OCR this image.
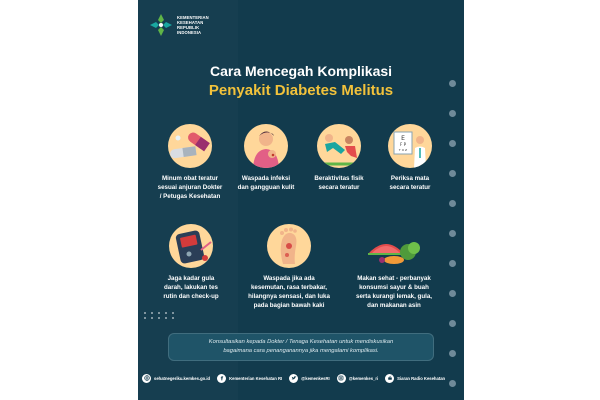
KEMENTERIAN
KESEHATAN
REPUBLIK
INDONESIA
Cara Mencegah Komplikasi
Penyakit Diabetes Melitus
Minum obat teratur
sesuai anjuran Dokter
/ Petugas Kesehatan
Waspada infeksi
dan gangguan kulit
Beraktivitas fisik
secara teratur
E
F P
T O Z
Periksa mata
secara teratur
Jaga kadar gula
darah, lakukan tes
rutin dan check-up
Waspada jika ada
kesemutan, rasa terbakar,
hilangnya sensasi, dan luka
pada bagian bawah kaki
Makan sehat - perbanyak
konsumsi sayur & buah
serta kurangi lemak, gula,
dan makanan asin
Konsultasikan kepada Dokter / Tenaga Kesehatan untuk mendiskusikan
bagaimana cara penanganannya jika mengalami komplikasi.
sehatnegeriku.kemkes.go.id	Kementerian Kesehatan RI	@kemenkesRI	@kemenkes_ri	Siaran Radio Kesehatan
